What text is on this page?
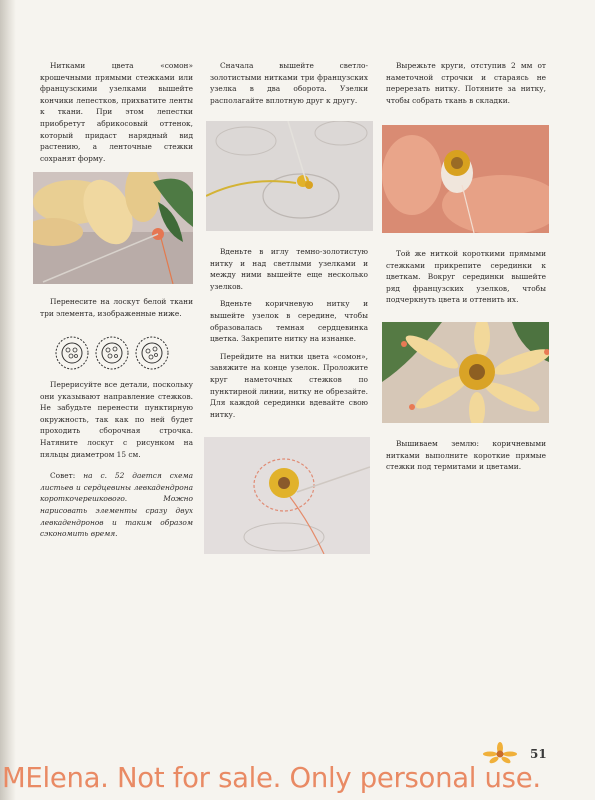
Нитками цвета «сомон» крошечными прямыми стежками или французскими узелками вышейте кончики лепестков, прихватите ленты к ткани. При этом лепестки приобретут абрикосовый оттенок, который придаст нарядный вид растению, а ленточные стежки сохранят форму.

Перенесите на лоскут белой ткани три элемента, изображенные ниже.

Перерисуйте все детали, поскольку они указывают направление стежков. Не забудьте перенести пунктирную окружность, так как по ней будет проходить сборочная строчка. Натяните лоскут с рисунком на пяльцы диаметром 15 см.

Совет: на с. 52 дается схема листьев и сердцевины левкадендрона короткочерешкового. Можно нарисовать элементы сразу двух левкадендронов и таким образом сэкономить время.

Сначала вышейте светло-золотистыми нитками три французских узелка в два оборота. Узелки располагайте вплотную друг к другу.

Вденьте в иглу темно-золотистую нитку и над светлыми узелками и между ними вышейте еще несколько узелков.

Вденьте коричневую нитку и вышейте узелок в середине, чтобы образовалась темная сердцевинка цветка. Закрепите нитку на изнанке.

Перейдите на нитки цвета «сомон», завяжите на конце узелок. Проложите круг наметочных стежков по пунктирной линии, нитку не обрезайте. Для каждой серединки вдевайте свою нитку.

Вырежьте круги, отступив 2 мм от наметочной строчки и стараясь не перерезать нитку. Потяните за нитку, чтобы собрать ткань в складки.

Той же ниткой короткими прямыми стежками прикрепите серединки к цветкам. Вокруг серединки вышейте ряд французских узелков, чтобы подчеркнуть цвета и оттенить их.

Вышиваем землю: коричневыми нитками выполните короткие прямые стежки под термитами и цветами.

51
MElena. Not for sale. Only personal use.
